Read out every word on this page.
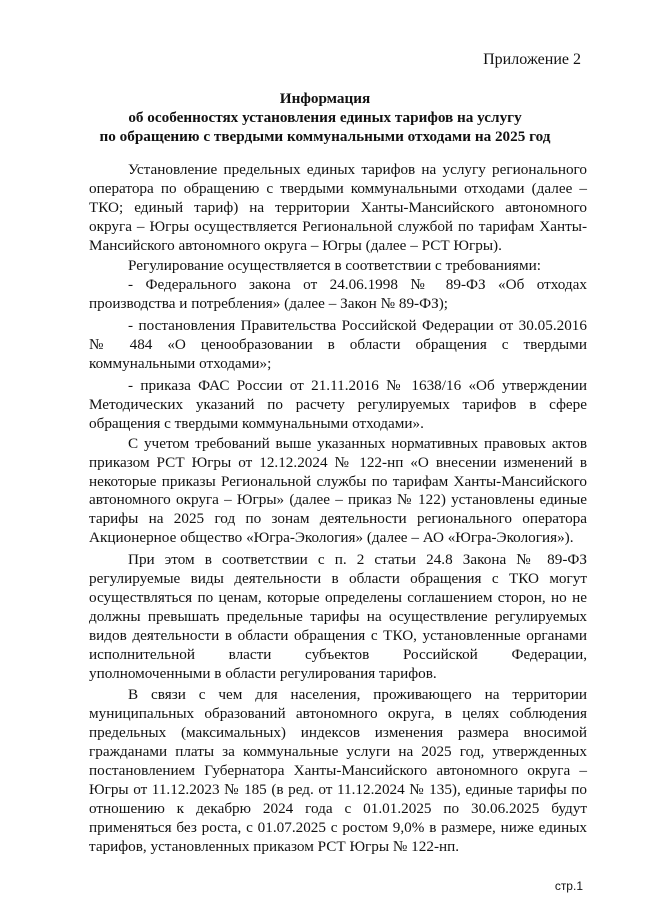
Приложение 2
Информация
об особенностях установления единых тарифов на услугу
по обращению с твердыми коммунальными отходами на 2025 год

Установление предельных единых тарифов на услугу регионального оператора по обращению с твердыми коммунальными отходами (далее – ТКО; единый тариф) на территории Ханты-Мансийского автономного округа – Югры осуществляется Региональной службой по тарифам Ханты-Мансийского автономного округа – Югры (далее – РСТ Югры).

Регулирование осуществляется в соответствии с требованиями:

- Федерального закона от 24.06.1998 № 89-ФЗ «Об отходах производства и потребления» (далее – Закон № 89-ФЗ);

- постановления Правительства Российской Федерации от 30.05.2016 № 484 «О ценообразовании в области обращения с твердыми коммунальными отходами»;

- приказа ФАС России от 21.11.2016 № 1638/16 «Об утверждении Методических указаний по расчету регулируемых тарифов в сфере обращения с твердыми коммунальными отходами».

С учетом требований выше указанных нормативных правовых актов приказом РСТ Югры от 12.12.2024 № 122-нп «О внесении изменений в некоторые приказы Региональной службы по тарифам Ханты-Мансийского автономного округа – Югры» (далее – приказ № 122) установлены единые тарифы на 2025 год по зонам деятельности регионального оператора Акционерное общество «Югра-Экология» (далее – АО «Югра-Экология»).

При этом в соответствии с п. 2 статьи 24.8 Закона № 89-ФЗ регулируемые виды деятельности в области обращения с ТКО могут осуществляться по ценам, которые определены соглашением сторон, но не должны превышать предельные тарифы на осуществление регулируемых видов деятельности в области обращения с ТКО, установленные органами исполнительной власти субъектов Российской Федерации, уполномоченными в области регулирования тарифов.

В связи с чем для населения, проживающего на территории муниципальных образований автономного округа, в целях соблюдения предельных (максимальных) индексов изменения размера вносимой гражданами платы за коммунальные услуги на 2025 год, утвержденных постановлением Губернатора Ханты-Мансийского автономного округа – Югры от 11.12.2023 № 185 (в ред. от 11.12.2024 № 135), единые тарифы по отношению к декабрю 2024 года с 01.01.2025 по 30.06.2025 будут применяться без роста, с 01.07.2025 с ростом 9,0% в размере, ниже единых тарифов, установленных приказом РСТ Югры № 122-нп.

стр.1
